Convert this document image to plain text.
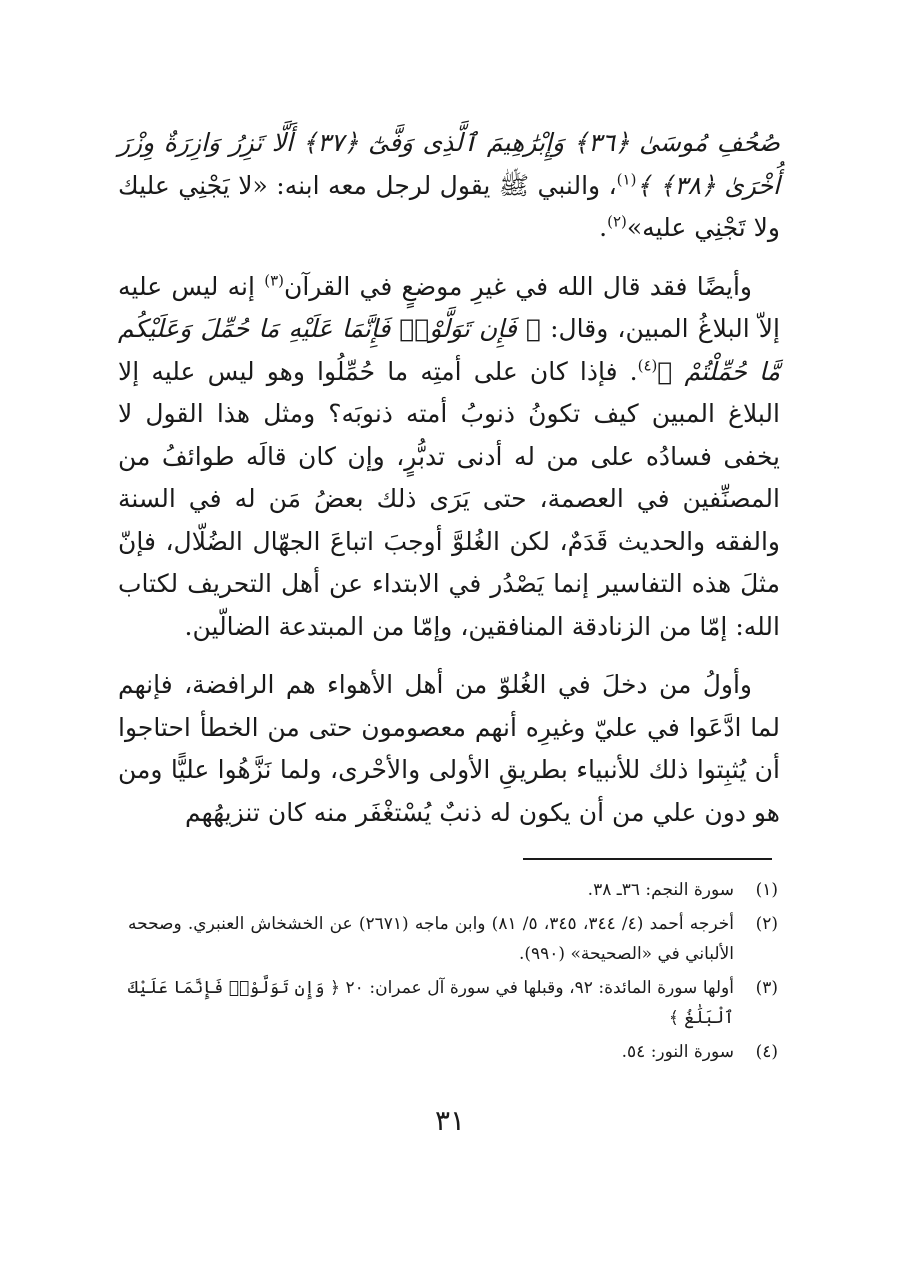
صُحُفِ مُوسَىٰ ﴿٣٦﴾ وَإِبْرَٰهِيمَ ٱلَّذِى وَفَّىٰٓ ﴿٣٧﴾ أَلَّا تَزِرُ وَازِرَةٌ وِزْرَ أُخْرَىٰ ﴿٣٨﴾ ﴾$^{(١)}$، والنبي ﷺ يقول لرجل معه ابنه: «لا يَجْنِي عليك ولا تَجْنِي عليه»$^{(٢)}$.

وأيضًا فقد قال الله في غيرِ موضعٍ في القرآن$^{(٣)}$ إنه ليس عليه إلاّ البلاغُ المبين، وقال: ﴿ فَإِن تَوَلَّوْا۟ فَإِنَّمَا عَلَيْهِ مَا حُمِّلَ وَعَلَيْكُم مَّا حُمِّلْتُمْ ﴾$^{(٤)}$. فإذا كان على أمتِه ما حُمِّلُوا وهو ليس عليه إلا البلاغ المبين كيف تكونُ ذنوبُ أمته ذنوبَه؟ ومثل هذا القول لا يخفى فسادُه على من له أدنى تدبُّرٍ، وإن كان قالَه طوائفُ من المصنِّفين في العصمة، حتى يَرَى ذلك بعضُ مَن له في السنة والفقه والحديث قَدَمٌ، لكن الغُلوَّ أوجبَ اتباعَ الجهّال الضُلّال، فإنّ مثلَ هذه التفاسير إنما يَصْدُر في الابتداء عن أهل التحريف لكتاب الله: إمّا من الزنادقة المنافقين، وإمّا من المبتدعة الضالّين.

وأولُ من دخلَ في الغُلوّ من أهل الأهواء هم الرافضة، فإنهم لما ادَّعَوا في عليّ وغيرِه أنهم معصومون حتى من الخطأ احتاجوا أن يُثبِتوا ذلك للأنبياء بطريقِ الأولى والأحْرى، ولما نَزَّهُوا عليًّا ومن هو دون علي من أن يكون له ذنبٌ يُسْتغْفَر منه كان تنزيهُهم

(١)
سورة النجم: ٣٦ـ ٣٨.
(٢)
أخرجه أحمد (٤/ ٣٤٤، ٣٤٥، ٥/ ٨١) وابن ماجه (٢٦٧١) عن الخشخاش العنبري. وصححه الألباني في «الصحيحة» (٩٩٠).
(٣)
أولها سورة المائدة: ٩٢، وقبلها في سورة آل عمران: ٢٠ ﴿ وَإِن تَوَلَّوْا۟ فَإِنَّمَا عَلَيْكَ ٱلْبَلَٰغُ ﴾
(٤)
سورة النور: ٥٤.
٣١
